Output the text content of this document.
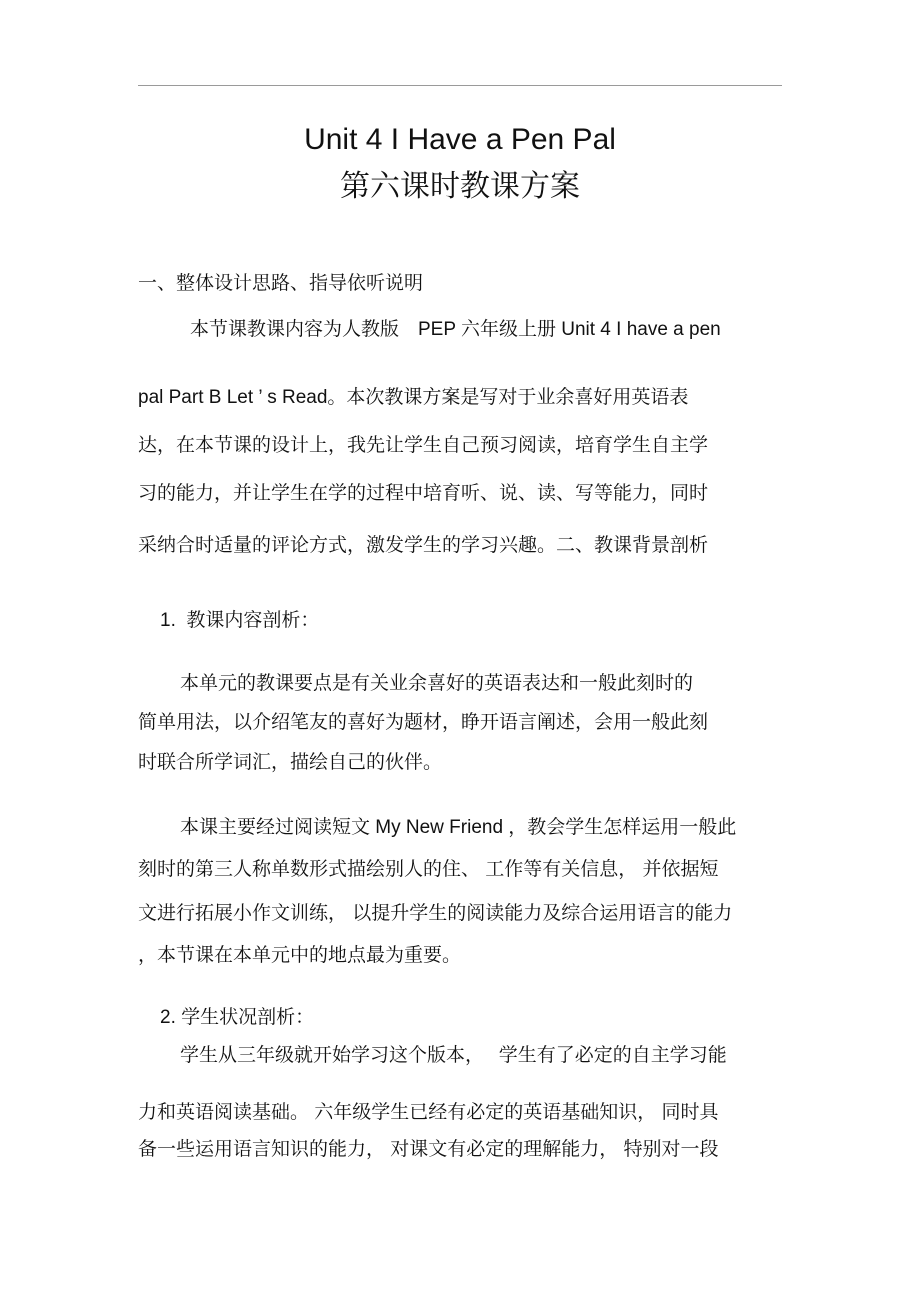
Unit 4 I Have a Pen Pal
第六课时教课方案
一、整体设计思路、指导依听说明
本节课教课内容为人教版　PEP 六年级上册 Unit 4 I have a pen
pal Part B Let ’ s Read。本次教课方案是写对于业余喜好用英语表
达，在本节课的设计上，我先让学生自己预习阅读，培育学生自主学
习的能力，并让学生在学的过程中培育听、说、读、写等能力，同时
采纳合时适量的评论方式，激发学生的学习兴趣。二、教课背景剖析
1.  教课内容剖析：
本单元的教课要点是有关业余喜好的英语表达和一般此刻时的
简单用法，以介绍笔友的喜好为题材，睁开语言阐述，会用一般此刻
时联合所学词汇，描绘自己的伙伴。
本课主要经过阅读短文 My New Friend ，教会学生怎样运用一般此
刻时的第三人称单数形式描绘别人的住、 工作等有关信息， 并依据短
文进行拓展小作文训练， 以提升学生的阅读能力及综合运用语言的能力
，本节课在本单元中的地点最为重要。
2. 学生状况剖析：
学生从三年级就开始学习这个版本，　 学生有了必定的自主学习能
力和英语阅读基础。 六年级学生已经有必定的英语基础知识， 同时具
备一些运用语言知识的能力， 对课文有必定的理解能力， 特别对一段
